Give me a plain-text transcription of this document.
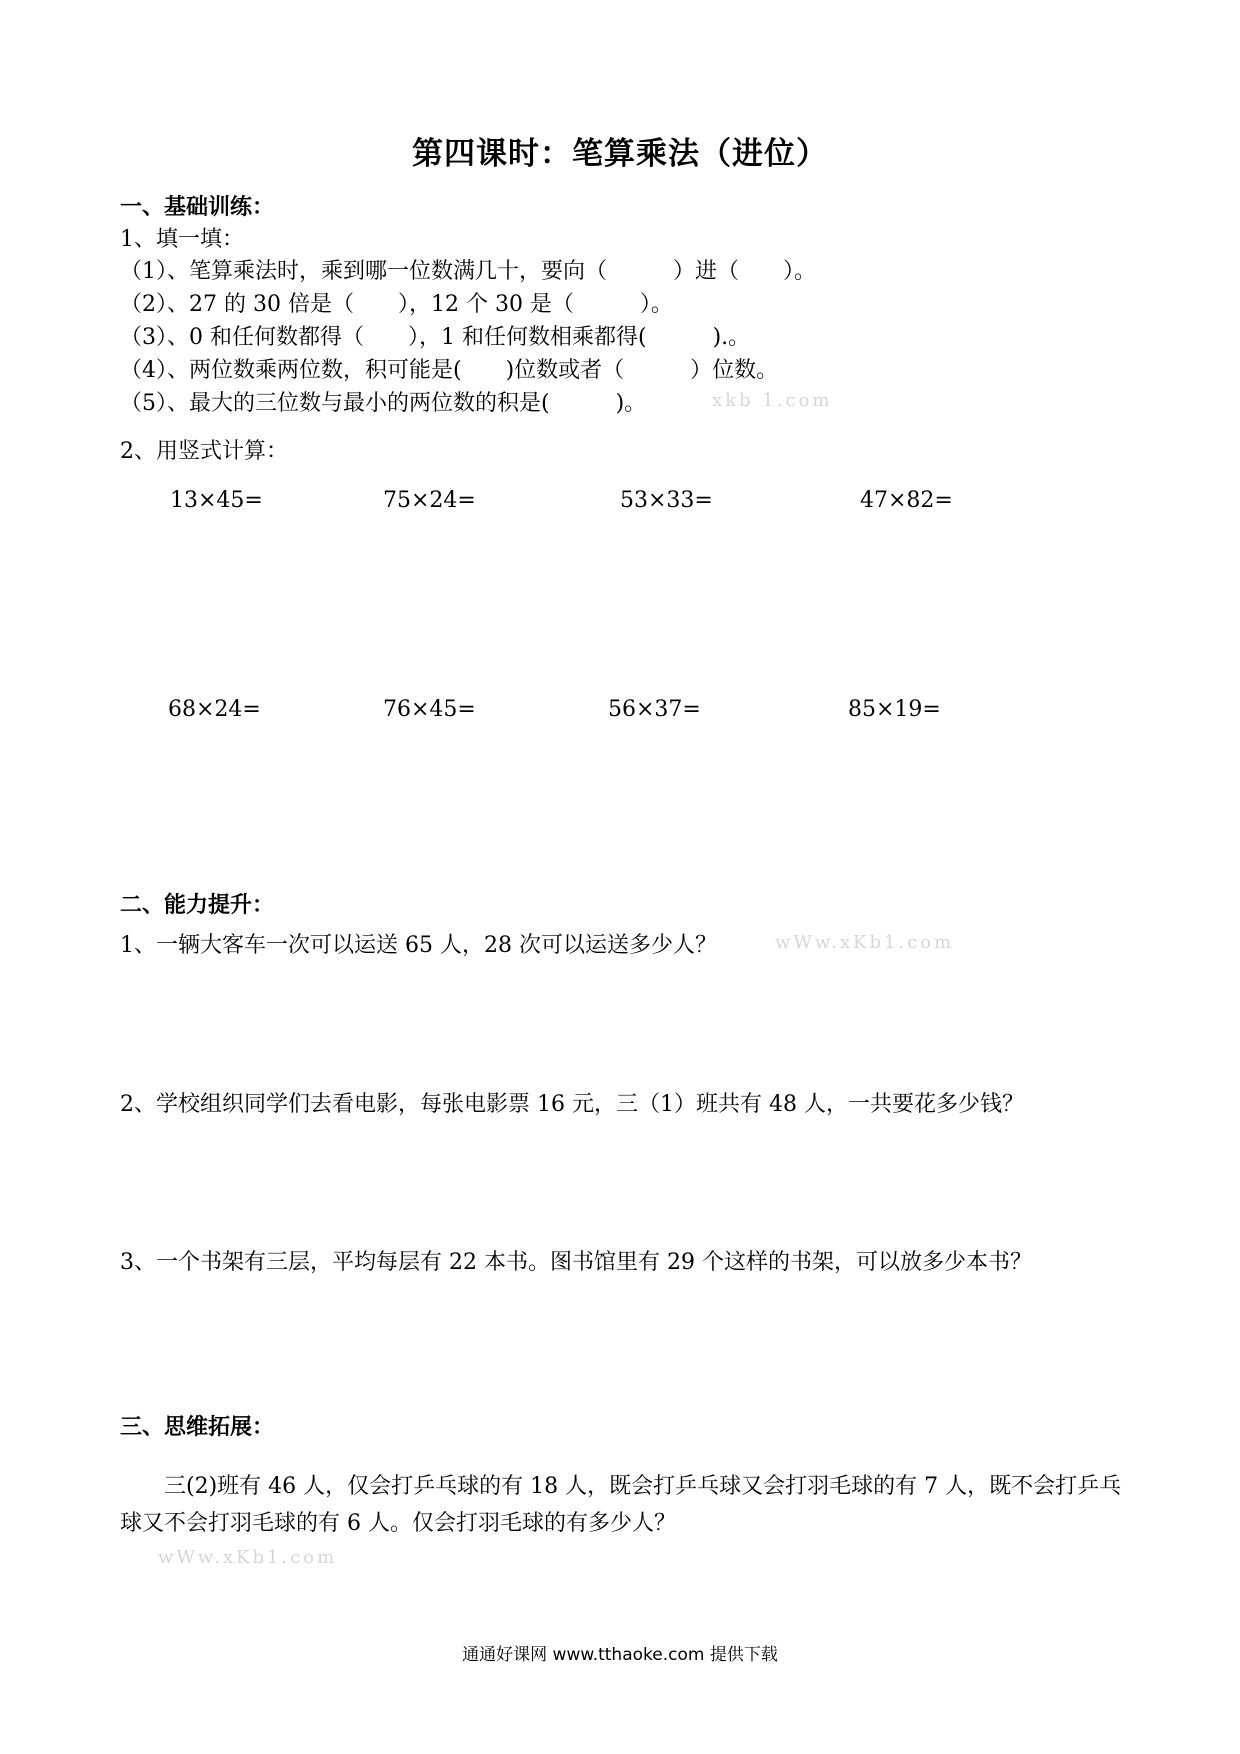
第四课时：笔算乘法（进位）
一、基础训练：
1、填一填：
（1）、笔算乘法时，乘到哪一位数满几十，要向（　　　）进（　　）。
（2）、27 的 30 倍是（　　），12 个 30 是（　　　）。
（3）、0 和任何数都得（　　），1 和任何数相乘都得(　　　).。
（4）、两位数乘两位数，积可能是(　　)位数或者（　　　）位数。
（5）、最大的三位数与最小的两位数的积是(　　　)。	xkb 1.com
2、用竖式计算：
13×45=	75×24=	53×33=	47×82=
68×24=	76×45=	56×37=	85×19=
二、能力提升：
1、一辆大客车一次可以运送 65 人，28 次可以运送多少人？	wWw.xKb1.com
2、学校组织同学们去看电影，每张电影票 16 元，三（1）班共有 48 人，一共要花多少钱？
3、一个书架有三层，平均每层有 22 本书。图书馆里有 29 个这样的书架，可以放多少本书？
三、思维拓展：
三(2)班有 46 人，仅会打乒乓球的有 18 人，既会打乒乓球又会打羽毛球的有 7 人，既不会打乒乓球又不会打羽毛球的有 6 人。仅会打羽毛球的有多少人？
wWw.xKb1.com
通通好课网 www.tthaoke.com 提供下载
